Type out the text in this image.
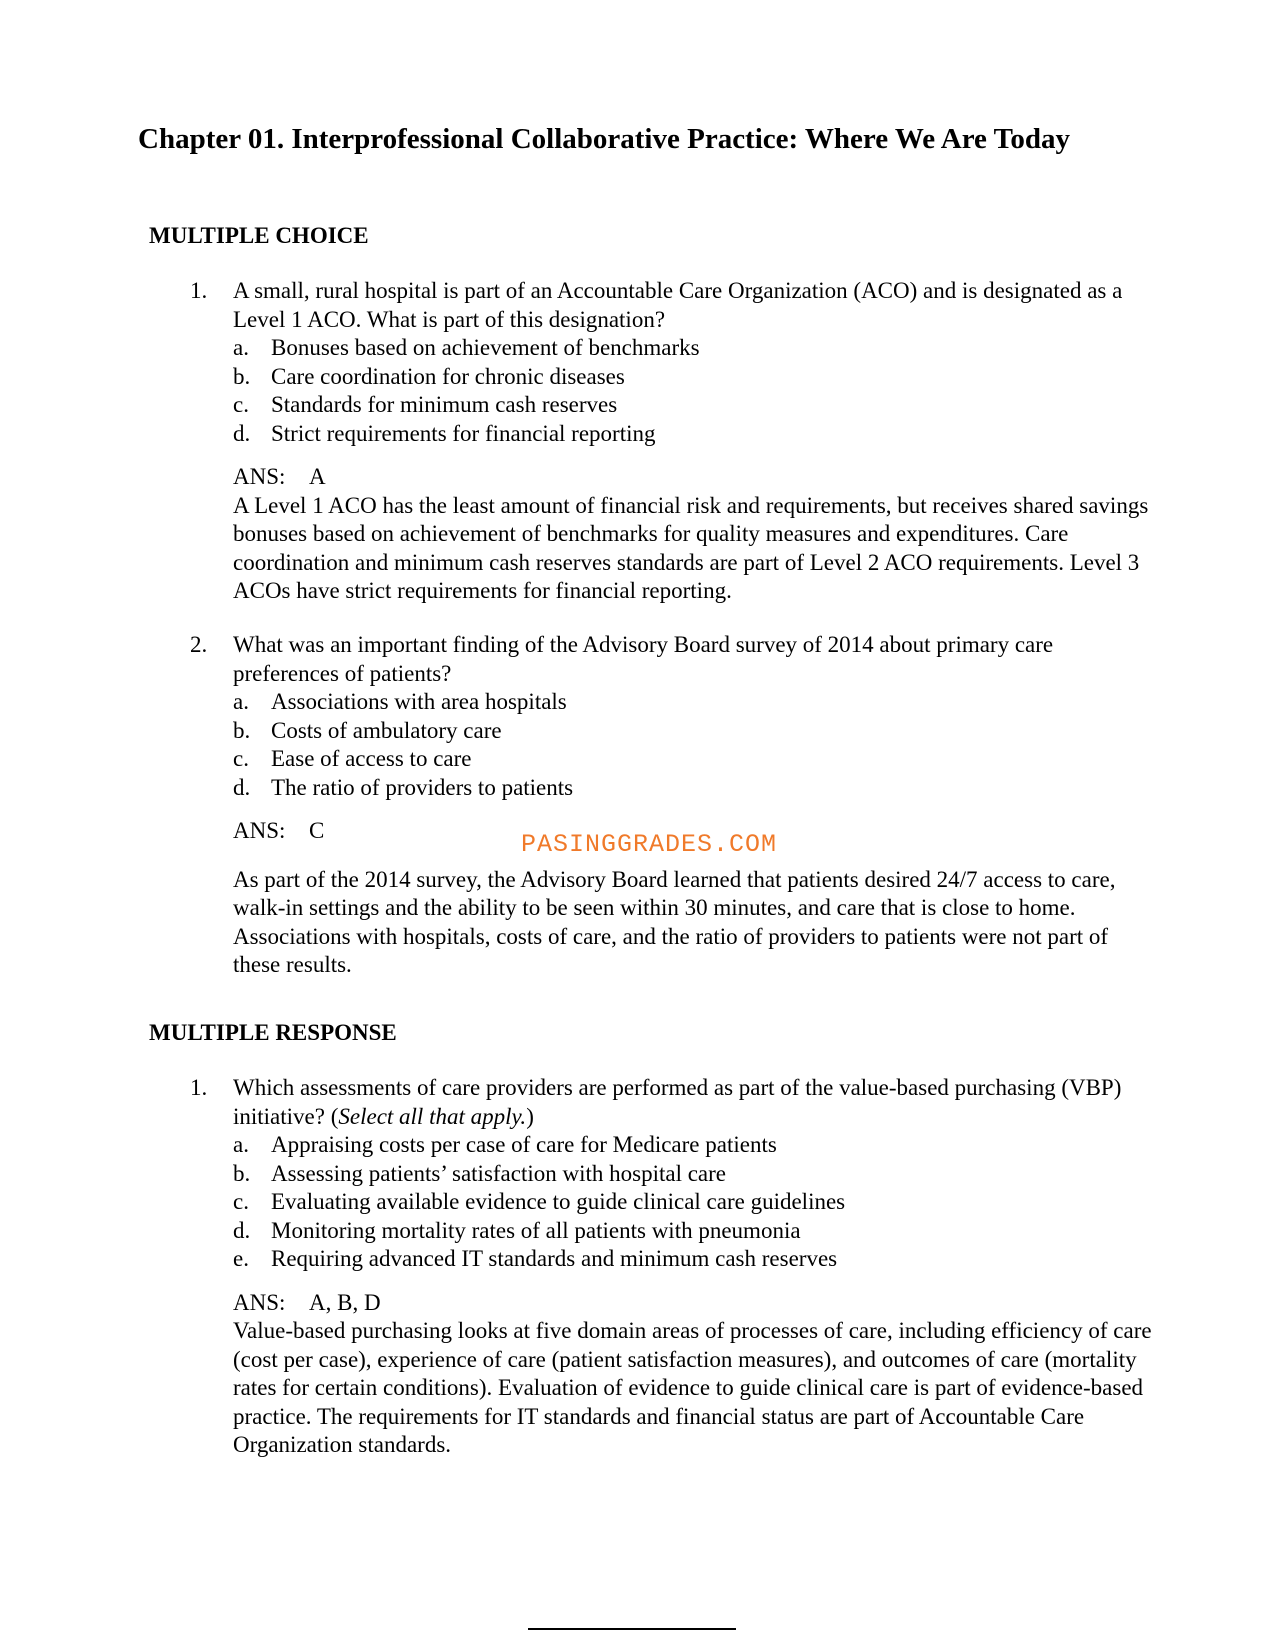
Chapter 01. Interprofessional Collaborative Practice: Where We Are Today
MULTIPLE CHOICE
1.	A small, rural hospital is part of an Accountable Care Organization (ACO) and is designated as a Level 1 ACO. What is part of this designation?
a. Bonuses based on achievement of benchmarks
b. Care coordination for chronic diseases
c. Standards for minimum cash reserves
d. Strict requirements for financial reporting
ANS: A
A Level 1 ACO has the least amount of financial risk and requirements, but receives shared savings bonuses based on achievement of benchmarks for quality measures and expenditures. Care coordination and minimum cash reserves standards are part of Level 2 ACO requirements. Level 3 ACOs have strict requirements for financial reporting.
2.	What was an important finding of the Advisory Board survey of 2014 about primary care preferences of patients?
a. Associations with area hospitals
b. Costs of ambulatory care
c. Ease of access to care
d. The ratio of providers to patients
ANS: C
As part of the 2014 survey, the Advisory Board learned that patients desired 24/7 access to care, walk-in settings and the ability to be seen within 30 minutes, and care that is close to home. Associations with hospitals, costs of care, and the ratio of providers to patients were not part of these results.
PASINGGRADES.COM
MULTIPLE RESPONSE
1.	Which assessments of care providers are performed as part of the value-based purchasing (VBP) initiative? (Select all that apply.)
a. Appraising costs per case of care for Medicare patients
b. Assessing patients’ satisfaction with hospital care
c. Evaluating available evidence to guide clinical care guidelines
d. Monitoring mortality rates of all patients with pneumonia
e. Requiring advanced IT standards and minimum cash reserves
ANS: A, B, D
Value-based purchasing looks at five domain areas of processes of care, including efficiency of care (cost per case), experience of care (patient satisfaction measures), and outcomes of care (mortality rates for certain conditions). Evaluation of evidence to guide clinical care is part of evidence-based practice. The requirements for IT standards and financial status are part of Accountable Care Organization standards.
